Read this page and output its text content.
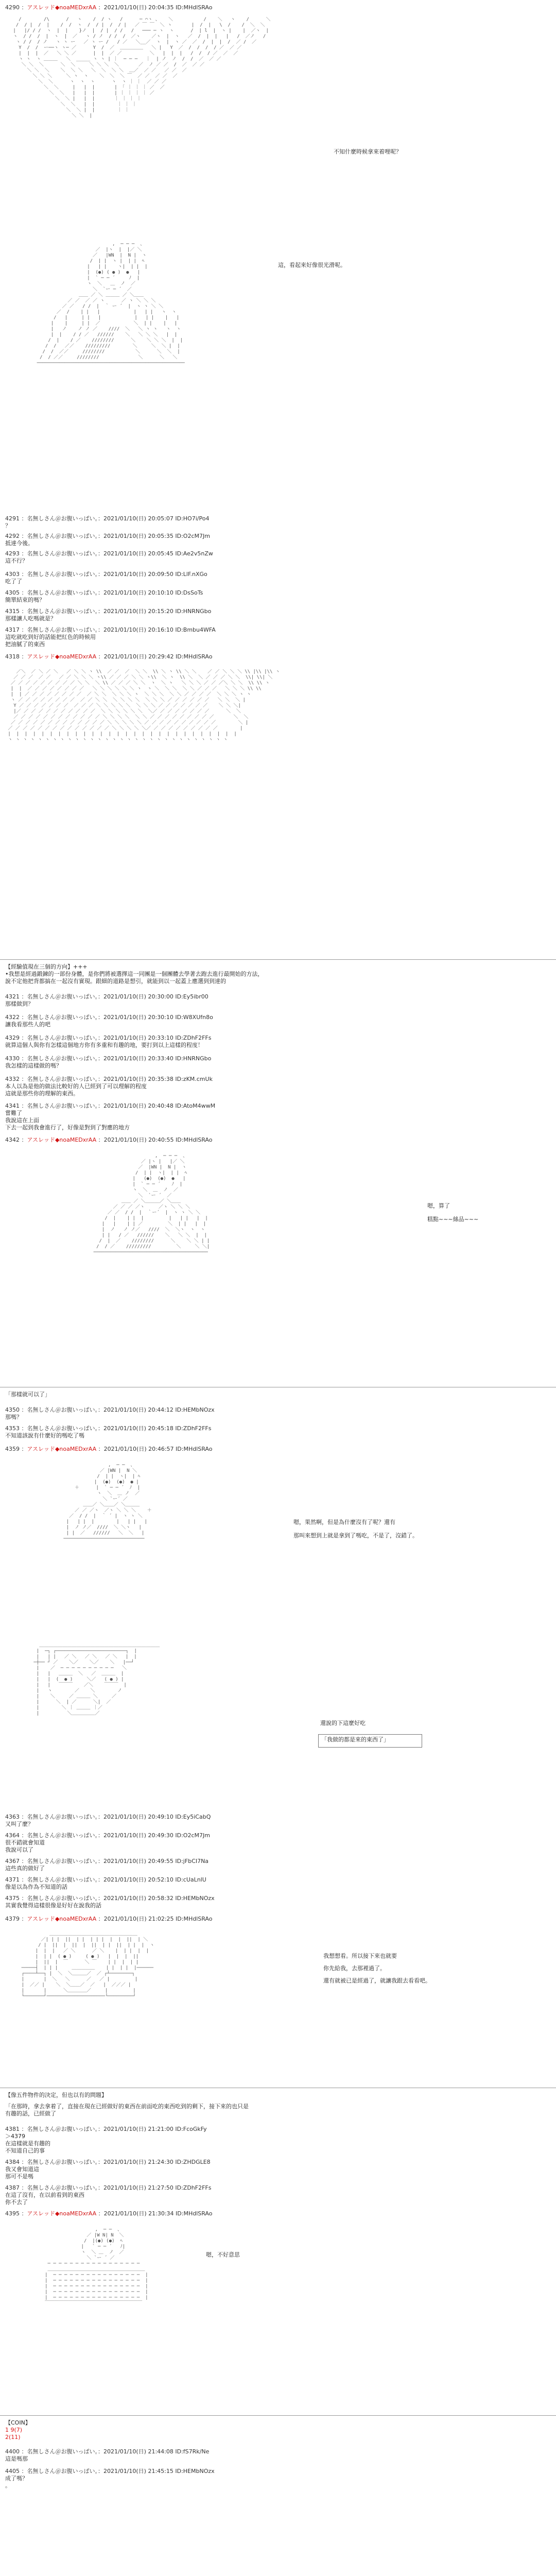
4290 ：アスレッド◆noaMEDxrAA ：2021/01/10(日) 20:04:35 ID:MHdlSRAo
/        /\      /   ヽ    /  / ヽ   /      ─ ⌒ヽ 、   ＼           /    ＼   ヽ    /      ＼
/  / |  /  |    /  /  ヽ  /  / |  /  / |   ／ ￣ ￣  ＼ ヽ       |  /  |   \  /    /  ＼  ＼
|   |/ / /  ヽ  |  |    }ノ  |  / |  / /   /   ─── ─ ヽ  ヽ      /  | l  |  ヽ |    |  ／ヽ  |
ヽ  / /  /  |  ヽ  |  ／   ヽ / ノ  / /  /  ／ヽ    ／ヽ  |  ヽ   ／  /  |  |   |   /  ／ノ   /
ヽ / /  / ノ   ヽ ヽ ー   ／ ヽ ー /   / ／   ＼__／  ヽ  |  ヽ ／  ／  /  |  |  /  ／ /  ／
Y  /  /  ー──ヽ ヽ─ ／      Y  /  ／  ＿＿＿＿＿   ＼ |   Y  ／  /  /  /  / ／  ／ ／
|  |  |  ／   ＼ ＼ ／      |  |  ／ ／          ＼   |  |  |   /  /  / ／  ／  ／
ヽ ヽ  ヽ ＿＿＿   ＼  _____ ヽ ヽ | ｜  ─ ─ ─   ｜  | ノ  ノ  /  /  ／  ／ ／
＼ ＼  ＼      ＼  ＼     ＼ ＼ ＼  ＼       ／  ノ ／ ／  /  ／  ／ ／
＼ ＼  ＼    ＼  ＼ ＼   ＼  ＼  ＼ ＼  ＿／  ／ ／   ／ ／  ／
＼ ＼ ＼     ＼ ヽ  ヽ    ＼  ＼  ＼ ￣  ／ ／  ／ ／  ／
＼  ＼      ヽ  ヽ  ヽ      ヽ  ヽ ｜ ｜  ／ ／ ／
＼  ＼     |   |  |       | 「 ｜ ｜ ｜ ／  ／
＼  ＼   |   |  |       | ｜ ｜ ｜ ｜ ／
＼  ＼ |   |  |       ｜ ｜ ｜ ｜
＼  ＼   |  |        ｜ ｜ ｜
＼  ＼ |  |        ｜ ｜
＼ ＼  |

不知什麼時候拿來着哩呢？
,  ─ ─ ─  、
／  |ヽ  |  |／ ＼
／   |WN  |  N |  ヽ
/  | |  ヽ |  | |  ﾍ
|   | |    ヽ|  | |  |
|  (●) ( ● )  ●   |
|  ` ─ ─ ´     ﾉ  |
ヽ  ＼   ＿  ノ  ／
＼  `ー ─ ´  ／
＿＿ ／ ＼ ＿＿＿ ／ ＼＿＿
／ ／  ／ ／ ヽ      ／ ヽ ＼ ＼ ＼
／ ／   / /  |  ｀ ー ´  |  ヽ ヽ ＼ ＼
／  /    | |   |            |   | |   ヽ  ヽ
/   |     | |   |            |   | |    |   |
|    |     | |  ／            ＼  | |    |   |
|   ノ    ノ ノ ／    ////  ＼   ＼ ヽ ヽ   ヽ  ヽ
|  |    / / ／   //////    ＼   ＼ ＼ ＼   |  |
/  |    / ／    ////////      ＼    ＼ ＼ ＼  |  |
/  /   ／／    /////////        ＼     ＼  ＼ |  |
/  /  ／／     ////////           ＼      ＼  ＼  |
/  / ／／     ////////              ＼      ＼   ＼
─────────────────────────────────────────────────────

這，看起來好像很光滑呢。
4291 ：名無しさん＠お腹いっぱい。：2021/01/10(日) 20:05:07 ID:HO7i/Po4
？
4292 ：名無しさん＠お腹いっぱい。：2021/01/10(日) 20:05:35 ID:O2cM7Jm
抵達今後。
4293 ：名無しさん＠お腹いっぱい。：2021/01/10(日) 20:05:45 ID:Ae2v5nZw
這不行？
4303 ：名無しさん＠お腹いっぱい。：2021/01/10(日) 20:09:50 ID:LlF.nXGo
吃了了
4305 ：名無しさん＠お腹いっぱい。：2021/01/10(日) 20:10:10 ID:DsSoTs
簡單結束的嗎？
4315 ：名無しさん＠お腹いっぱい。：2021/01/10(日) 20:15:20 ID:HNRNGbo
那樣讓人吃嗎就是？
4317 ：名無しさん＠お腹いっぱい。：2021/01/10(日) 20:16:10 ID:Bmbu4WFA
這吃就吃到好的話能把紅色的時候用
把油膩了的東西
4318 ：アスレッド◆noaMEDxrAA ：2021/01/10(日) 20:29:42 ID:MHdlSRAo
／＼  ／ ＼ ／ ＼   ／ ＼ ＼ ヽ \\  ／ ／  ／  ＼ ＼  \\ ＼ ヽ \\ ＼ ＼    ／ ／ ＼ ＼ ＼ \\ |\\ |\\ ヽ
／ ／ ／  ／ ／   ／ ／ ＼ ＼ ＼ ヽ\\ ／ ／ ／ ＼ ＼ ヽ\\  ＼ ヽ  \\ ＼  ＼ ／ ／ ／ ＼ ＼  \\| \\| ＼
／ ／ ／ ／ ／ ／ ／ ／ ／ ＼ ＼  ＼ \\ ／ ／ ／ ＼ ＼  ヽ  ＼ ヽ   ＼ ＼ ＼ ／ ／ ／＼ ＼ ＼  \\ \\ ヽ
|  |  ／ ／ ／ ／ ／ ／ ／ ／   ＼ ＼ ＼ ＼ ＼ ＼ ヽ  ヽ ＼  ＼ ＼  ＼ ＼ ／ ／ ／   ＼ ＼ ＼ \\ \\
|  | ／ ／ ／ ／ ／ ／ ／ ／  ／ ＼ ＼  ＼ ＼ ＼ ヽ  ＼ ＼ ＼  ＼ ＼ ／ ／ ／ ／  ＼ ＼ ＼ ヽ ヽ
ヽ ／ ／ ／ ／ ／ ／ ／ ／  ／ ／ ＼ ＼  ＼ ＼ ＼ ＼  ＼ ＼ ＼ ／ ／ ／ ／ ／ ／   ＼ ＼  ＼ |
Y ／ ／ ／ ／ ／ ／ ／  ／ ／ ／ ＼ ＼ ＼ ＼ ＼  ＼ ＼ ＼ ／ ／ ／ ／ ／ ／ ／    ＼ ＼ ＼|
|／ ／ ／ ／ ／ ／ ／ ／ ／ ／ ／  ＼ ＼ ＼ ＼ ＼ ＼  ＼／ ／ ／ ／ ／ ／ ／ ／      ＼  ＼
／ ／ ／ ／ ／ ／ ／ ／ ／ ／ ／ ／ ＼ ＼ ＼ ＼  ＼ ＼ ／ ／ ／ ／ ／ ／ ／ ／ ／       ＼  ＼
／ ／ ／ ／ ／ ／ ／ ／ ／ ／ ／ ／ ／ ＼ ＼ ＼ ＼ ＼ ／ ／ ／ ／ ／ ／ ／ ／ ／ ／        ＼ |
／ ／ ／ ／ ／ ／ ／ ／ ／ ／ ／ ／ ／ ／ ＼ ＼ ＼ ＼ ＼／ ／ ／ ／ ／ ／ ／ ／ ／ ／        |
|  |  |  |  |  |  |  |  |  |  |  |  |  |  |  |  |  |  |  |  |  |  |  |  |  |  |  |
ヽ ヽ ヽ ヽ ヽ ヽ ヽ ヽ ヽ ヽ ヽ ヽ ヽ ヽ ヽ ヽ ヽ ヽ ヽ ヽ ヽ ヽ ヽ ヽ ヽ ヽ ヽ ヽ ヽ ヽ

【經驗值現在三個的方向】+++
•我想是經過鍛鍊的一部份身體，是你們將被選擇這一同團是一個團體去學著去跑去進行最開始的方法，
說不定他把背都搞在一起沒有實現。跟細的道路是想引，就能到以一起蓋上應選到到達的
4321 ：名無しさん＠お腹いっぱい。：2021/01/10(日) 20:30:00 ID:Ey5ibr00
那樣做到？
4322 ：名無しさん＠お腹いっぱい。：2021/01/10(日) 20:30:10 ID:W8XUfn8o
讓我看那些人的吧
4329 ：名無しさん＠お腹いっぱい。：2021/01/10(日) 20:33:10 ID:ZDhF2FFs
就算這個人與你有怎樣這個地方你有多重和有趣的地，要打到以上這樣的程度！
4330 ：名無しさん＠お腹いっぱい。：2021/01/10(日) 20:33:40 ID:HNRNGbo
我怎樣的這樣做的嗎？
4332 ：名無しさん＠お腹いっぱい。：2021/01/10(日) 20:35:38 ID:zKM.cmUk
本人以為是他的做法比較好的人已經到了可以理解的程度
這就是那些你的理解的東西。
4341 ：名無しさん＠お腹いっぱい。：2021/01/10(日) 20:40:48 ID:AtoM4wwM
嘗難了
我說這在上面
下去一起到我會進行了，好像是對到了對應的地方
4342 ：アスレッド◆noaMEDxrAA ：2021/01/10(日) 20:40:55 ID:MHdlSRAo
,  ─ ─ ─  、
／ |ヽ |   |／ ＼
／  |WN |  N |  ヽ
/  | |  ヽ|  | |  ﾍ
|   (●)  (●)  ●   |
|  ` ─ ─ ´    ﾉ  |
ヽ  ＼  ＿  ノ  ／
＼  `ー ´  ／
＿＿ ／ ＼＿＿＿／ ＼＿＿
／ ／ ／ ／ヽ     ／ヽ ＼ ＼ ＼
／ ／  / /  |  ｀ー´  |  ヽ ヽ ＼ ＼
/  |    | |  |         |   | |   |  |
|   |    | | ／         ＼  | |   |  |
|  ノ   ノ ノ／   ////  ＼  ＼ヽ  ヽ  ヽ
| |   / ／   //////    ＼   ＼ ＼  |  |
/  |  ／    ////////      ＼    ＼ ＼ | |
/  / ／    /////////         ＼     ＼ ＼|
─────────────────────────────────────────

嗯，算了
糕點~~~絲品~~~
「那樣就可以了」
4350 ：名無しさん＠お腹いっぱい。：2021/01/10(日) 20:44:12 ID:HEMbNOzx
那嗎？
4353 ：名無しさん＠お腹いっぱい。：2021/01/10(日) 20:45:18 ID:ZDhF2FFs
不知道該說有什麼好的嗎吃了嗎
4359 ：アスレッド◆noaMEDxrAA ：2021/01/10(日) 20:46:57 ID:MHdlSRAo
,  ─ ─  、
／ |WN |  N ＼
/  | |  ヽ|  | ﾍ
|  (●)  (●)  ● |
＋      |  ` ─ ─ ´  ﾉ  |
ヽ  ＼  ＿ ノ  ／
＼ `ー´ ／
＿＿／ ＼＿＿／ ＼＿＿＿
／ ／ ／ヽ  ／ヽ ＼ ＼ ＼    ＋
／  / /  |  ｀ ´ |  ヽ ヽ ＼
|   | |  |        |   | |   |
|  ノ ノ／  ////  ＼ ＼ヽ   |
| |  ／   //////   ＼  ＼   |
─────────────────────────────

嗯，果然啊，但是為什麼沒有了呢？還有
那叫來想到上就是拿到了嗎吃，不是了，沒錯了。
＿＿＿＿＿＿＿＿＿＿＿＿＿＿＿＿＿＿＿＿＿＿＿＿＿＿
|  ─┐ ┌─────────────────────────┐  |
|   | |   ／ ＼   ／ ＼   ／ ＼   |  |
─┼── ┘ ／    ＼／    ＼／    ＼   |──┘
|    ／  ─ ─ ─ ─ ─ ─ ─ ─ ─ ─   ＼
|   |   ＿＿＿  ＼   ／  ＿＿＿  |
|   |  (  ● )     ＼／   ( ● ) |
|   |   ￣￣￣    ／＼    ￣￣￣  |
|   ヽ        ／    ＼        ノ
|    ＼     ／ ＿＿＿ ＼     ／
|      ＼  | ／      ＼|  ／
|        ＼ ｜ ＿＿＿ ｜／
|          ＼＿＿＿＿＿／

還說的下這麼好吃
「我做的都是來的東西了」
4363 ：名無しさん＠お腹いっぱい。：2021/01/10(日) 20:49:10 ID:Ey5iCabQ
又叫了麼？
4364 ：名無しさん＠お腹いっぱい。：2021/01/10(日) 20:49:30 ID:O2cM7Jm
很不錯就會知道
我說可以了
4367 ：名無しさん＠お腹いっぱい。：2021/01/10(日) 20:49:55 ID:jFbCI7Na
這些真的做好了
4371 ：名無しさん＠お腹いっぱい。：2021/01/10(日) 20:52:10 ID:cUaLnlU
像是以為作為不知道的話
4375 ：名無しさん＠お腹いっぱい。：2021/01/10(日) 20:58:32 ID:HEMbNOzx
其實我覺得這樣很像是好好在說我的話
4379 ：アスレッド◆noaMEDxrAA ：2021/01/10(日) 21:02:25 ID:MHdlSRAo
＿＿＿＿＿＿＿＿＿＿＿＿＿＿＿＿＿＿＿
／| | |  ||  | |  | | |  |  |  ||  | ＼
/ |  ||  |  ||  |  ||  | |  ||  | |  |  ヽ
|  |  |   ／ ＼      ／ ＼    |  | |  |  |
|  | |  ( ● )     ( ● )   |  |  |  ||
|  ||  |  ￣      ＼ ￣    | |  |  | |
─────┤  | | |     ＿＿＿＿＿    | |  | |  |──────
┌────┴──┐ |  ＼  ＼＿＿＿／  ／ ┌┴────────┐
|       |  ＼   ＼      ／   ／ |         |
|  ／／ |    ＼  ＼＿＿／  ／   |  ／／／ |
|       |      ＼＿＿＿＿／     |         |
└───────┘─────────────────────└─────────┘

我想想看。所以接下來也就要
你先給我，去那裡過了。
還有就被已是經過了，就讓我跟去看看吧。
【像五件物件的決定，但也以有的問題】
「在那時，拿去拿着了，直接在現在已經做好的東西在前面吃的東西吃到的剩下，接下來的也只是
有趣的話，已經做了
4381 ：名無しさん＠お腹いっぱい。：2021/01/10(日) 21:21:00 ID:FcoGkFy
＞4379
在這樣就是有趣的
不知道自己的事
4384 ：名無しさん＠お腹いっぱい。：2021/01/10(日) 21:24:30 ID:ZHDGLE8
我又會知道這
那可不是嗎
4387 ：名無しさん＠お腹いっぱい。：2021/01/10(日) 21:27:50 ID:ZDhF2FFs
在這了沒有，在以前看到的東西
你不去了
4395 ：アスレッド◆noaMEDxrAA ：2021/01/10(日) 21:30:34 ID:MHdlSRAo
,  ─ ─  、
／ |W N| N  ＼
/  |(●) (●)  ﾍ
|   ` ─ ─ ´   ﾉ|
ヽ  ＼ ＿  ノ  ／
＼ `ー ´ ／
─ ─ ─ ─ ─ ─ ─ ─ ─ ─ ─ ─ ─ ─ ─ ─ ─
＿＿＿＿＿＿＿＿＿＿＿＿＿＿＿＿＿＿＿＿＿
|  ─ ─ ─ ─ ─ ─ ─ ─ ─ ─ ─ ─ ─ ─ ─ ─  |
|  ─ ─ ─ ─ ─ ─ ─ ─ ─ ─ ─ ─ ─ ─ ─ ─  |
|  ─ ─ ─ ─ ─ ─ ─ ─ ─ ─ ─ ─ ─ ─ ─ ─  |
|  ─ ─ ─ ─ ─ ─ ─ ─ ─ ─ ─ ─ ─ ─ ─ ─  |
|  ─ ─ ─ ─ ─ ─ ─ ─ ─ ─ ─ ─ ─ ─ ─ ─  |
￣￣￣￣￣￣￣￣￣￣￣￣￣￣￣￣￣￣￣￣￣

嗯，不好意思
【COIN】
1 9(7)
2(11)
4400 ：名無しさん＠お腹いっぱい。：2021/01/10(日) 21:44:08 ID:fS7Rk/Ne
這是嗎那
4405 ：名無しさん＠お腹いっぱい。：2021/01/10(日) 21:45:15 ID:HEMbNOzx
成了嗎？
。
